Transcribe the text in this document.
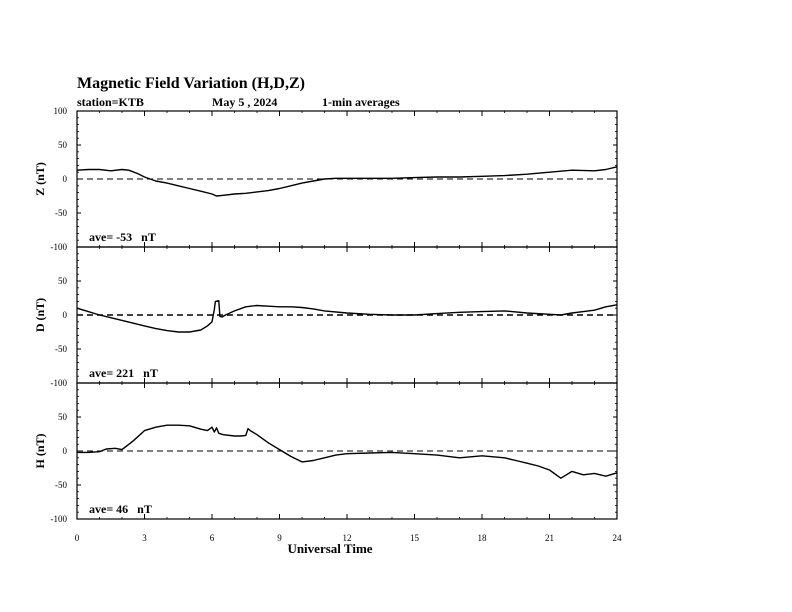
Magnetic Field Variation (H,D,Z)
station=KTB	May 5 , 2024	1-min averages
-100
-50
0
50
100
Z (nT)
ave= -53   nT
-100
-50
0
50
D (nT)
ave= 221   nT
-100
-50
0
50
H (nT)
ave= 46   nT
0	3	6	9	12	15	18	21	24
Universal Time
